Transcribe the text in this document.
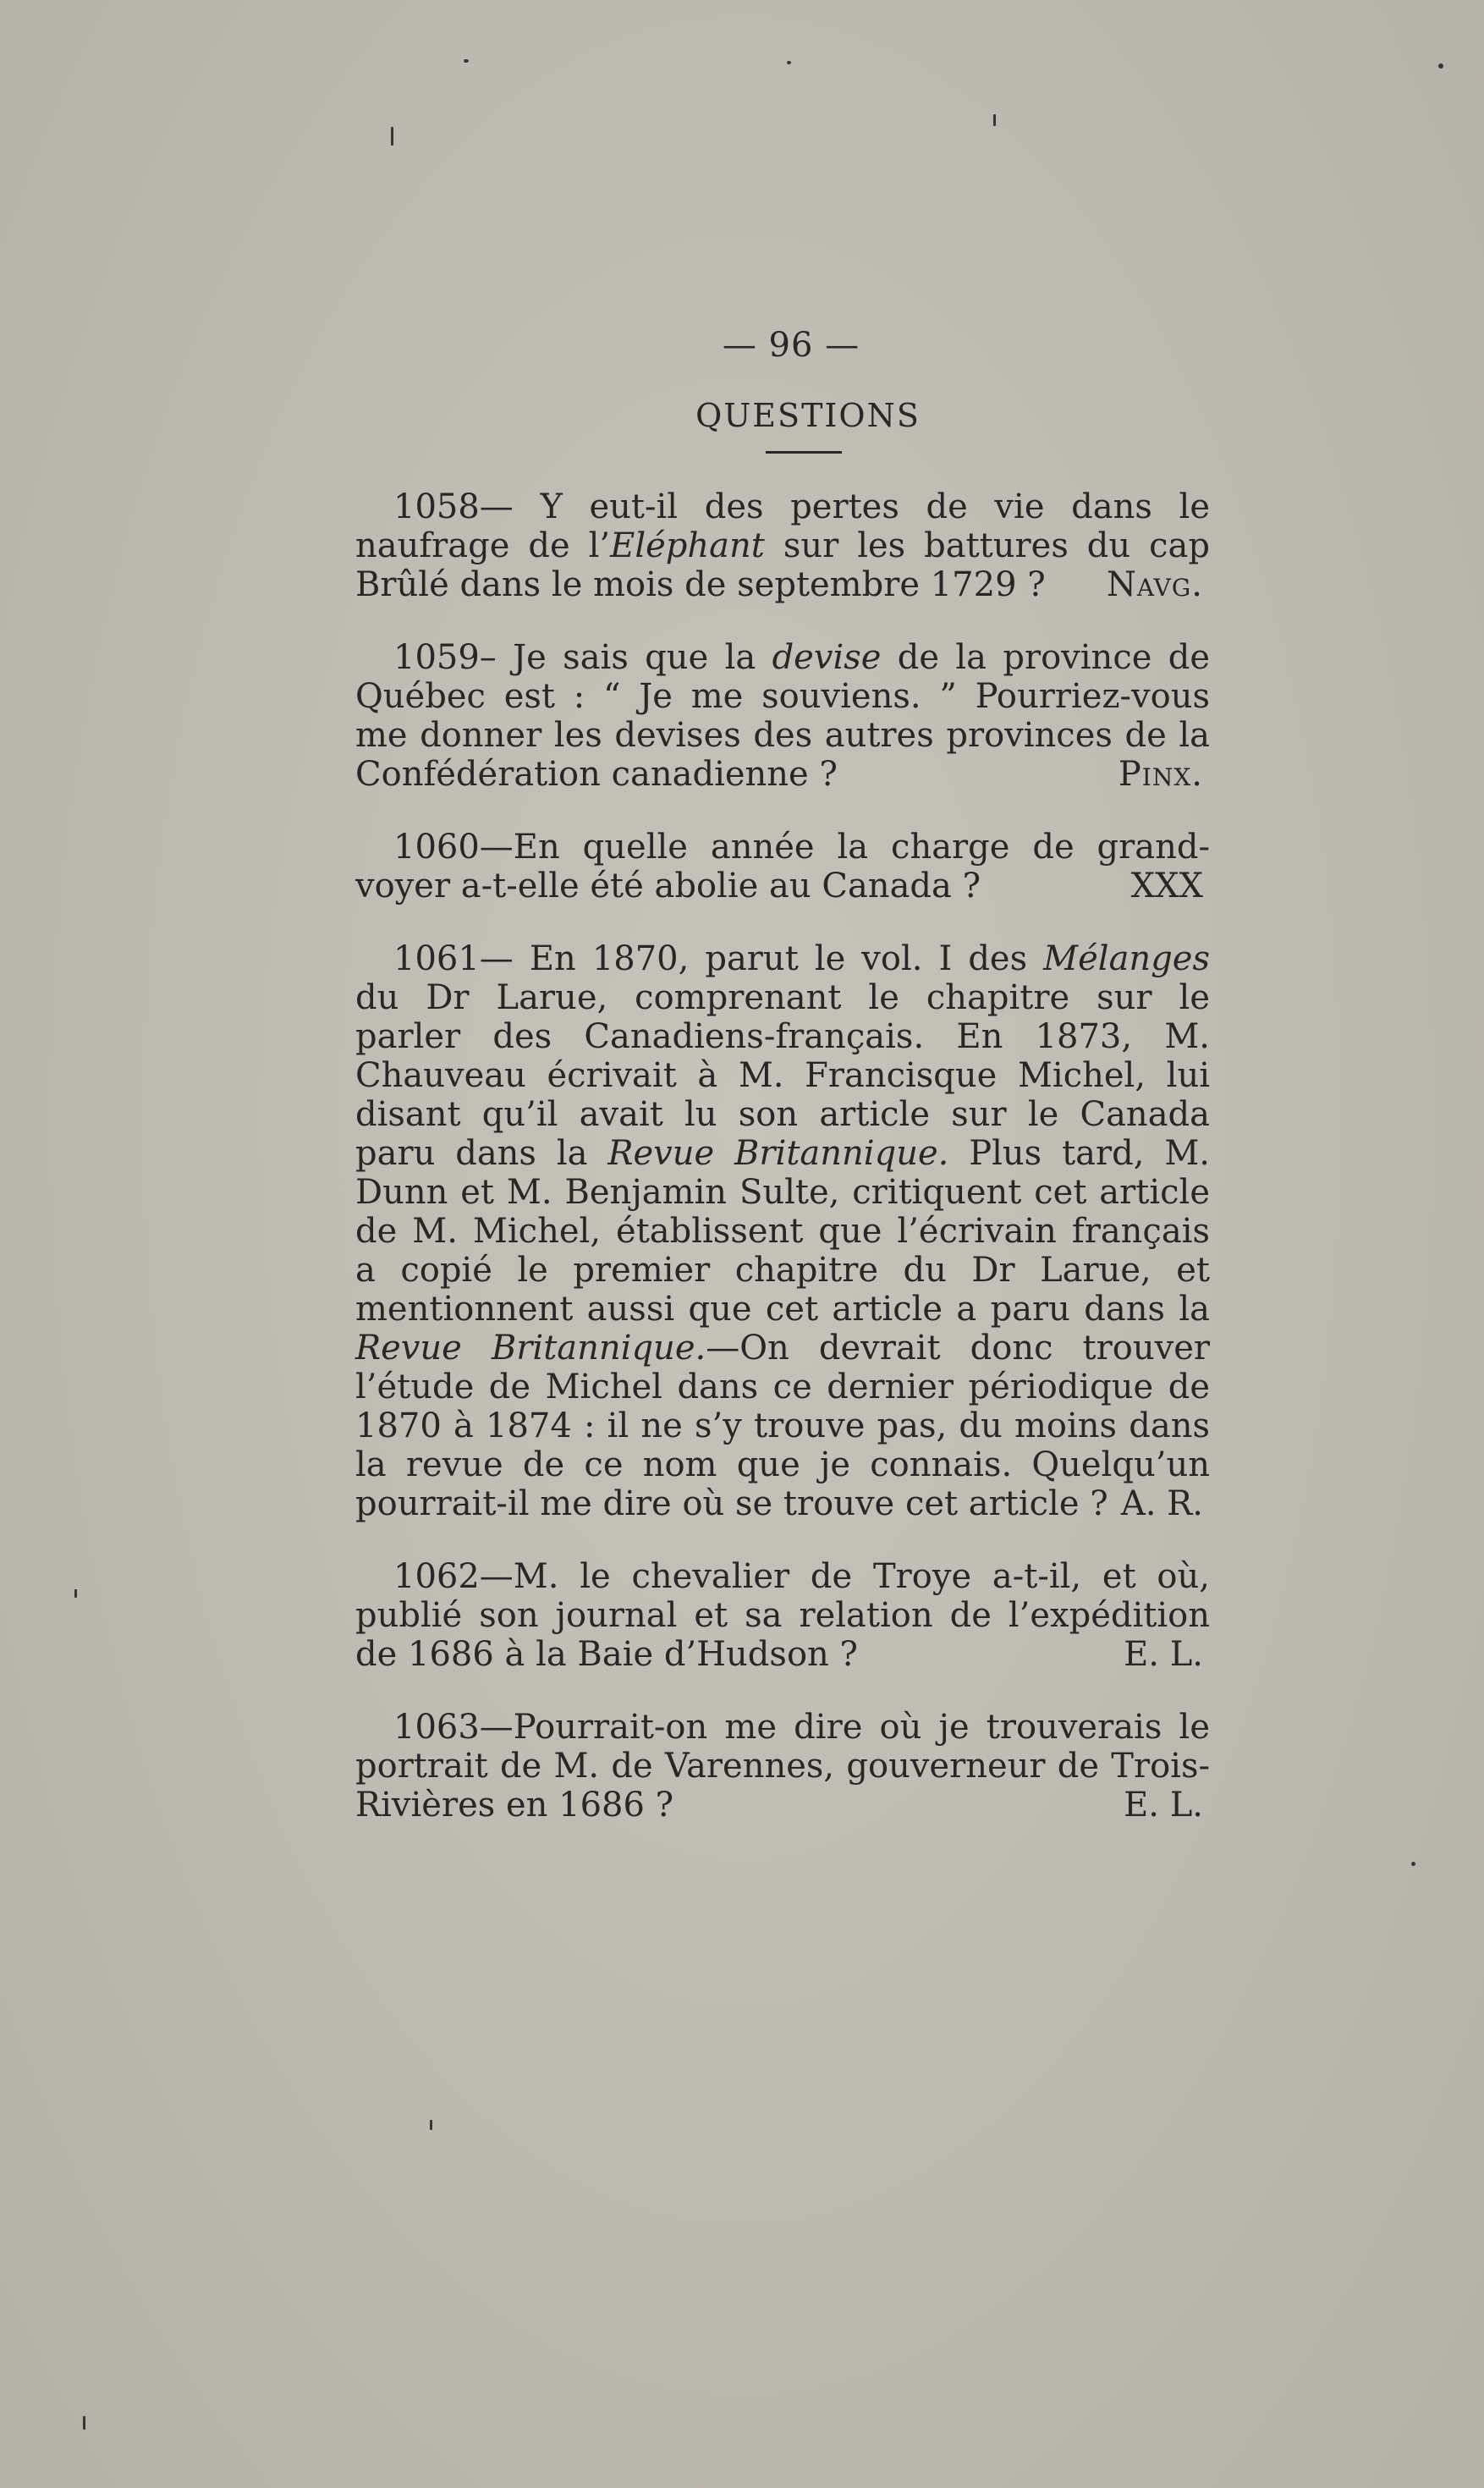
— 96 —
QUESTIONS
1058— Y eut-il des pertes de vie dans le naufrage de l’Eléphant sur les battures du cap Brûlé dans le mois de septembre 1729 ? Navg.
1059– Je sais que la devise de la province de Québec est : “ Je me souviens. ” Pourriez-vous me donner les devises des autres provinces de la Confédération canadienne ?	Pinx.
1060—En quelle année la charge de grand-voyer a-t-elle été abolie au Canada ?	XXX
1061— En 1870, parut le vol. I des Mélanges du Dr Larue, comprenant le chapitre sur le parler des Canadiens-français. En 1873, M. Chauveau écrivait à M. Francisque Michel, lui disant qu’il avait lu son article sur le Canada paru dans la Revue Britannique. Plus tard, M. Dunn et M. Benjamin Sulte, critiquent cet article de M. Michel, établissent que l’écrivain français a copié le premier chapitre du Dr Larue, et mentionnent aussi que cet article a paru dans la Revue Britannique.—On devrait donc trouver l’étude de Michel dans ce dernier périodique de 1870 à 1874 : il ne s’y trouve pas, du moins dans la revue de ce nom que je connais. Quelqu’un pourrait-il me dire où se trouve cet article ? A. R.
1062—M. le chevalier de Troye a-t-il, et où, publié son journal et sa relation de l’expédition de 1686 à la Baie d’Hudson ?	E. L.
1063—Pourrait-on me dire où je trouverais le portrait de M. de Varennes, gouverneur de Trois-Rivières en 1686 ?	E. L.
